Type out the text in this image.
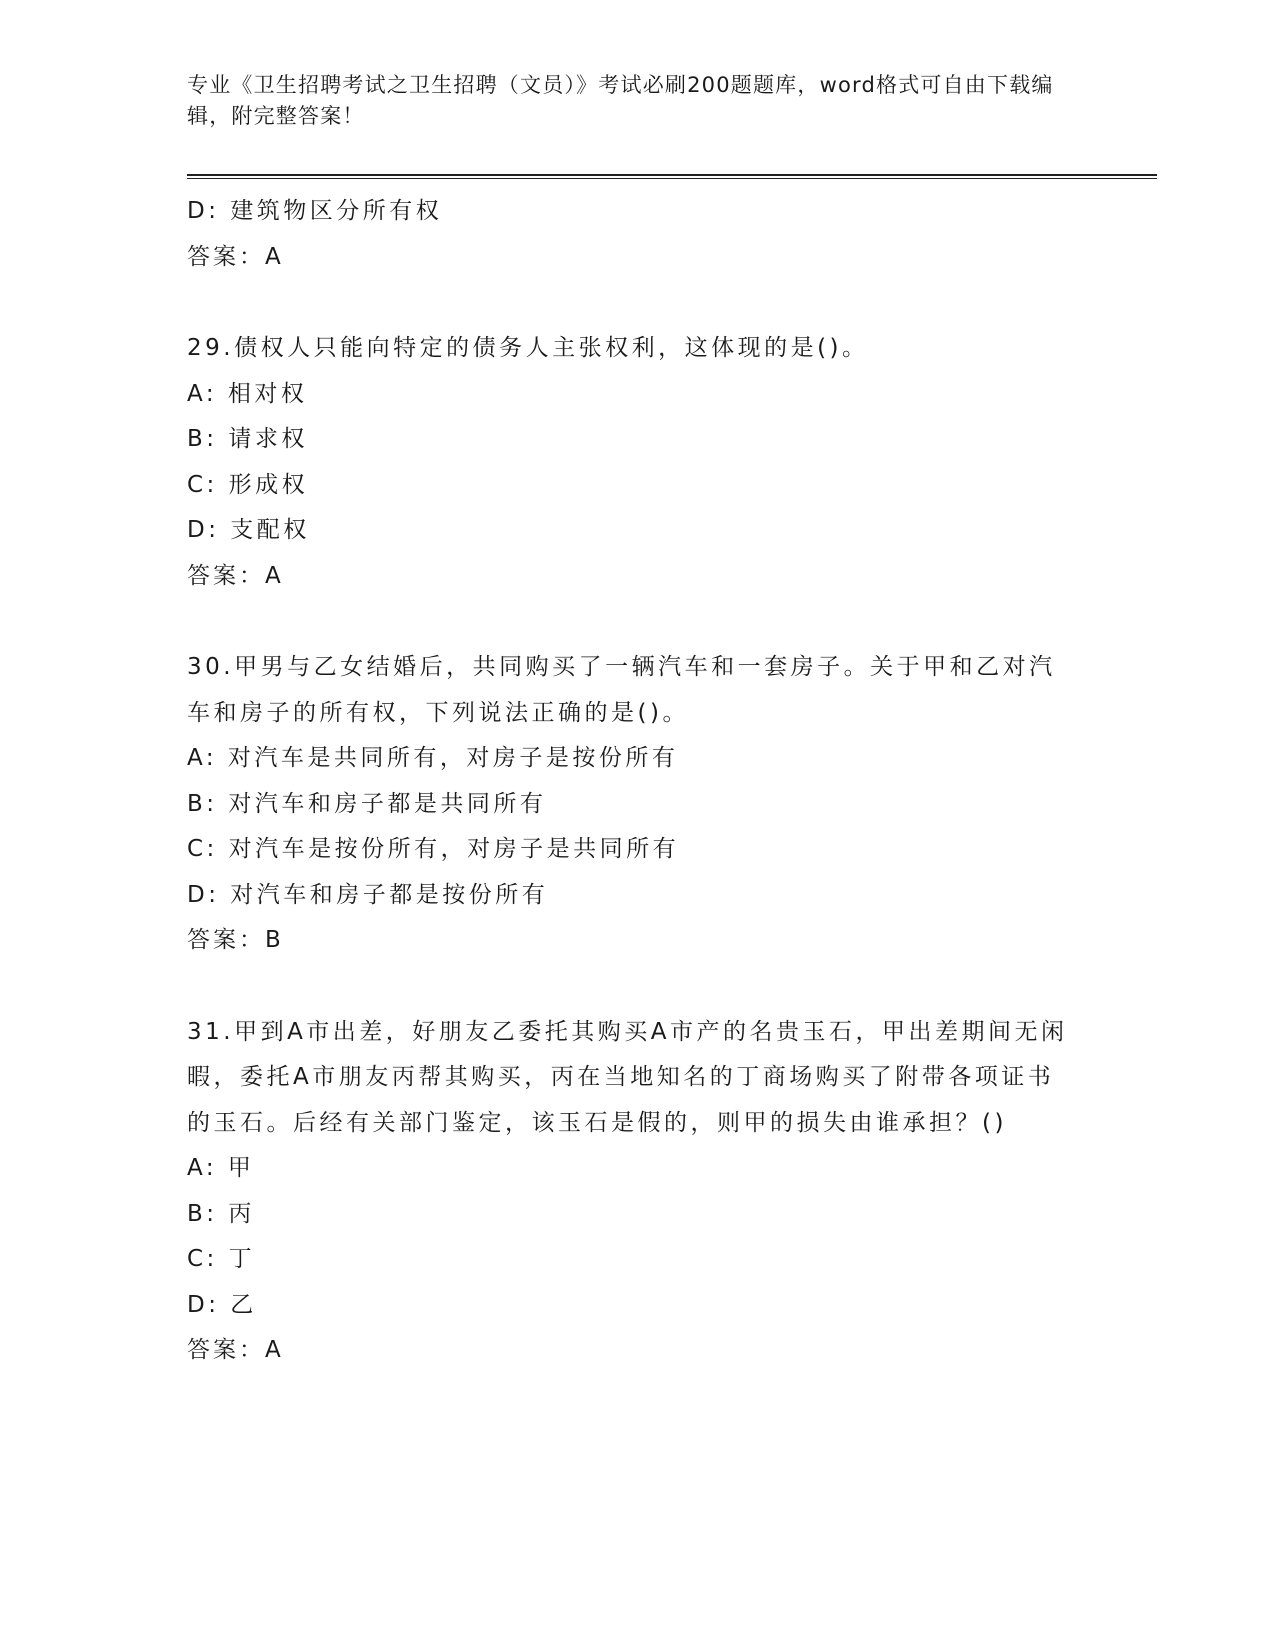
专业《卫生招聘考试之卫生招聘（文员）》考试必刷200题题库，word格式可自由下载编辑，附完整答案！

D: 建筑物区分所有权
答案：A
29.债权人只能向特定的债务人主张权利，这体现的是()。
A: 相对权
B: 请求权
C: 形成权
D: 支配权
答案：A
30.甲男与乙女结婚后，共同购买了一辆汽车和一套房子。关于甲和乙对汽车和房子的所有权，下列说法正确的是()。
A: 对汽车是共同所有，对房子是按份所有
B: 对汽车和房子都是共同所有
C: 对汽车是按份所有，对房子是共同所有
D: 对汽车和房子都是按份所有
答案：B
31.甲到A市出差，好朋友乙委托其购买A市产的名贵玉石，甲出差期间无闲暇，委托A市朋友丙帮其购买，丙在当地知名的丁商场购买了附带各项证书的玉石。后经有关部门鉴定，该玉石是假的，则甲的损失由谁承担？()
A: 甲
B: 丙
C: 丁
D: 乙
答案：A
